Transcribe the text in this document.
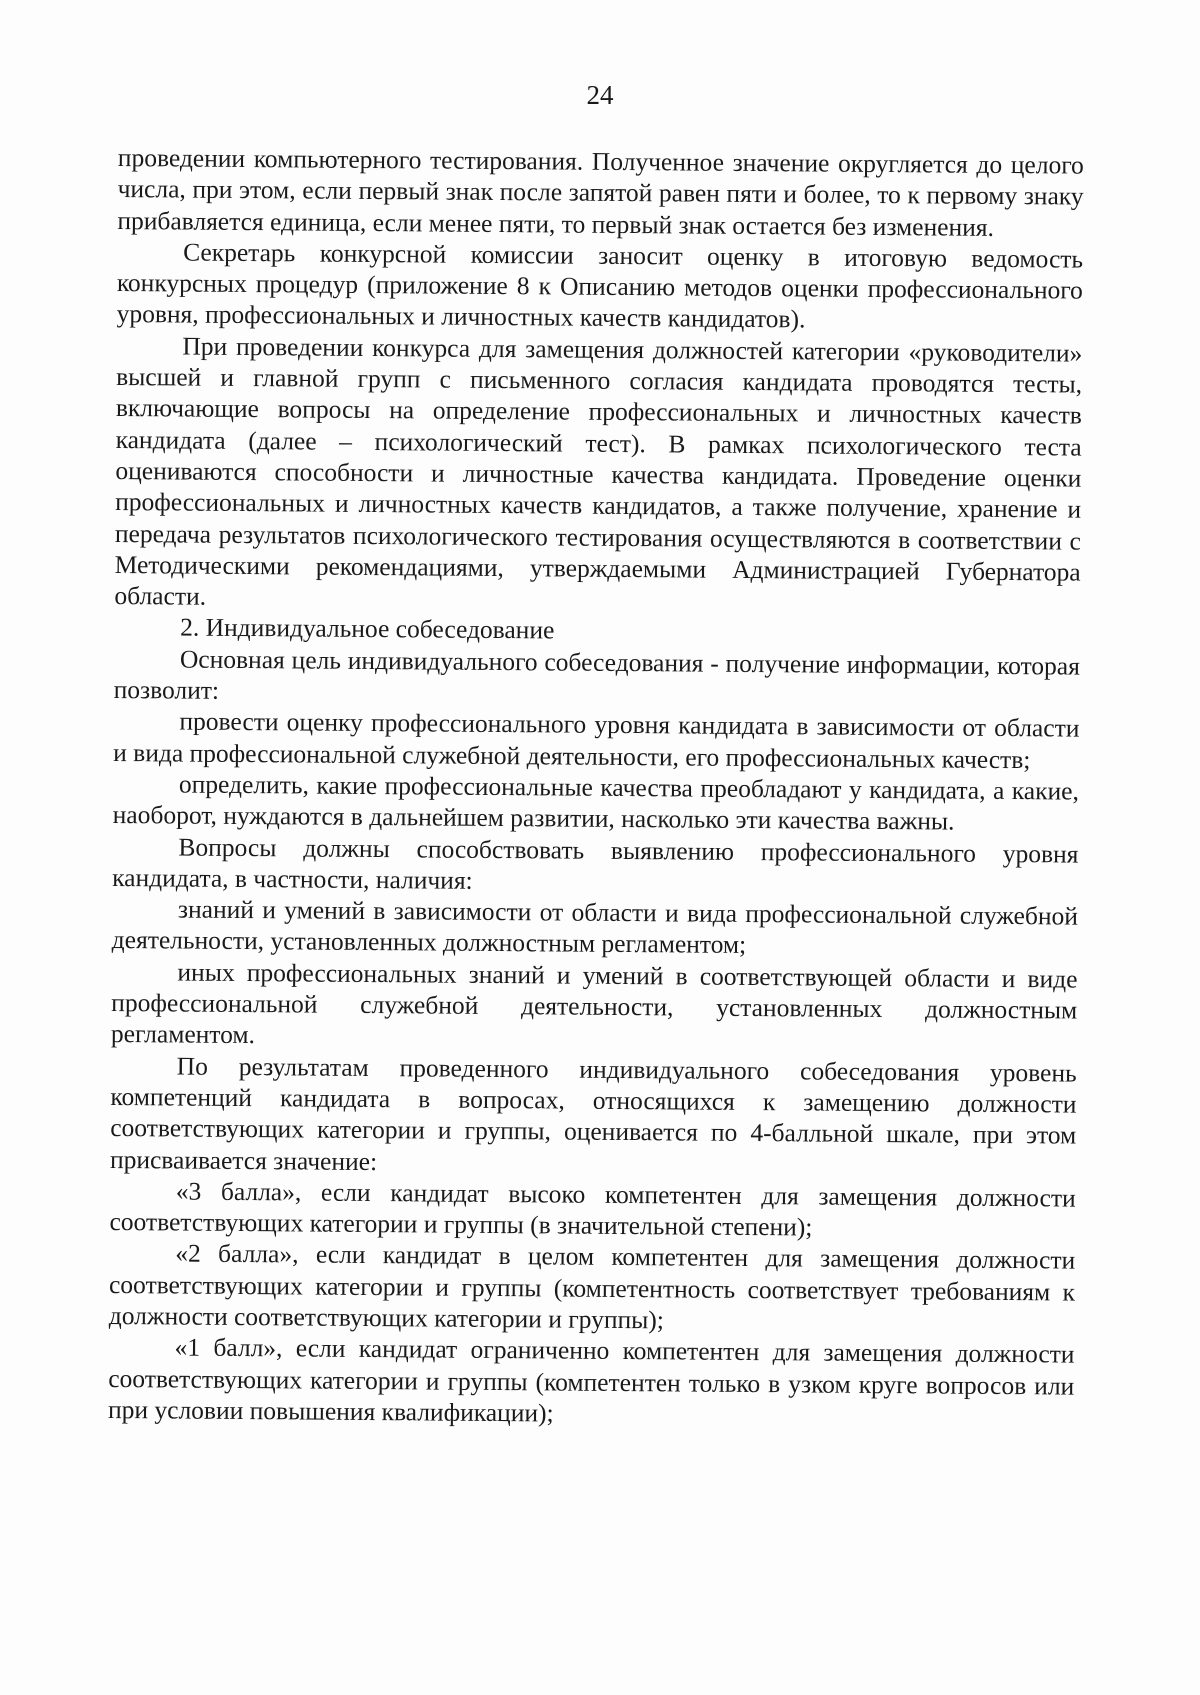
24

проведении компьютерного тестирования. Полученное значение округляется до целого числа, при этом, если первый знак после запятой равен пяти и более, то к первому знаку прибавляется единица, если менее пяти, то первый знак остается без изменения.

Секретарь конкурсной комиссии заносит оценку в итоговую ведомость конкурсных процедур (приложение 8 к Описанию методов оценки профессионального уровня, профессиональных и личностных качеств кандидатов).

При проведении конкурса для замещения должностей категории «руководители» высшей и главной групп с письменного согласия кандидата проводятся тесты, включающие вопросы на определение профессиональных и личностных качеств кандидата (далее – психологический тест). В рамках психологического теста оцениваются способности и личностные качества кандидата. Проведение оценки профессиональных и личностных качеств кандидатов, а также получение, хранение и передача результатов психологического тестирования осуществляются в соответствии с Методическими рекомендациями, утверждаемыми Администрацией Губернатора области.

2. Индивидуальное собеседование

Основная цель индивидуального собеседования - получение информации, которая позволит:

провести оценку профессионального уровня кандидата в зависимости от области и вида профессиональной служебной деятельности, его профессиональных качеств;

определить, какие профессиональные качества преобладают у кандидата, а какие, наоборот, нуждаются в дальнейшем развитии, насколько эти качества важны.

Вопросы должны способствовать выявлению профессионального уровня кандидата, в частности, наличия:

знаний и умений в зависимости от области и вида профессиональной служебной деятельности, установленных должностным регламентом;

иных профессиональных знаний и умений в соответствующей области и виде профессиональной служебной деятельности, установленных должностным регламентом.

По результатам проведенного индивидуального собеседования уровень компетенций кандидата в вопросах, относящихся к замещению должности соответствующих категории и группы, оценивается по 4-балльной шкале, при этом присваивается значение:

«3 балла», если кандидат высоко компетентен для замещения должности соответствующих категории и группы (в значительной степени);

«2 балла», если кандидат в целом компетентен для замещения должности соответствующих категории и группы (компетентность соответствует требованиям к должности соответствующих категории и группы);

«1 балл», если кандидат ограниченно компетентен для замещения должности соответствующих категории и группы (компетентен только в узком круге вопросов или при условии повышения квалификации);
